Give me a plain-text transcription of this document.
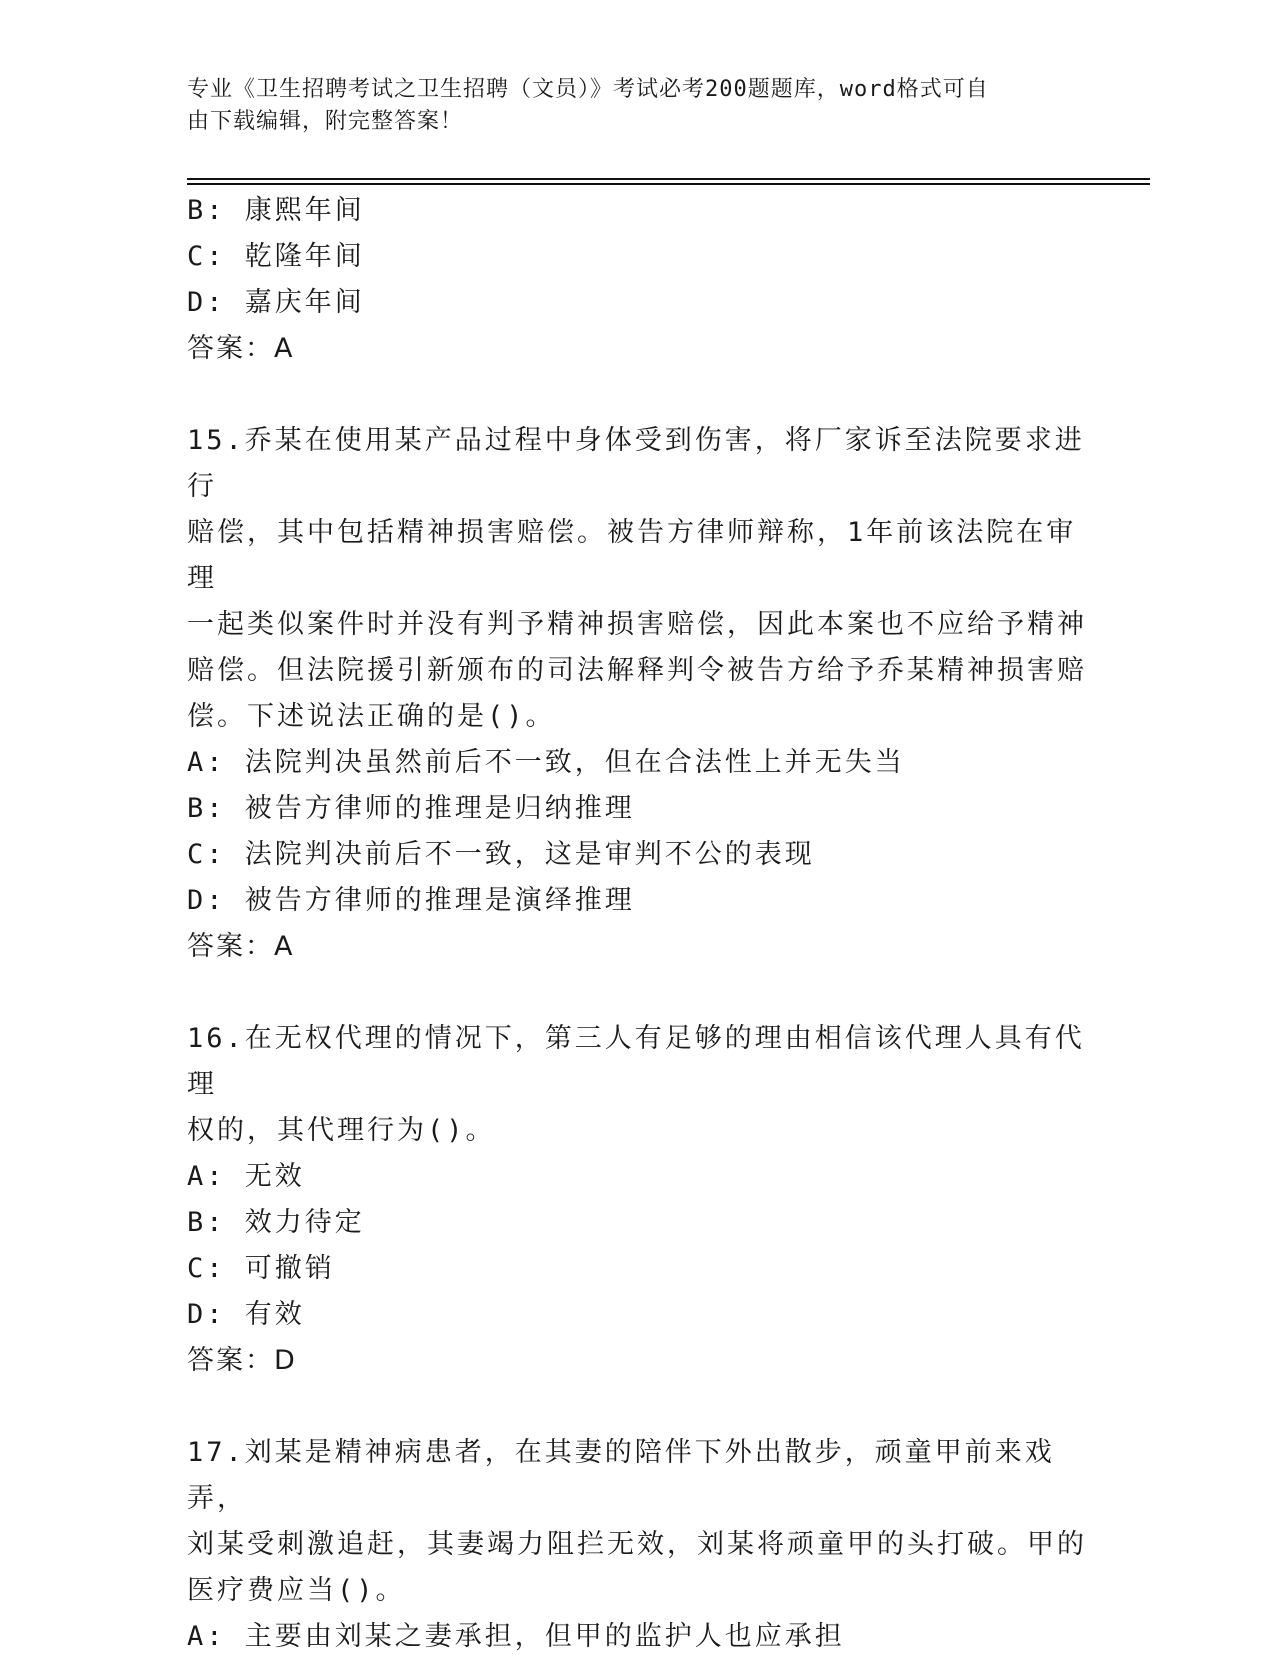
专业《卫生招聘考试之卫生招聘（文员）》考试必考200题题库，word格式可自
由下载编辑，附完整答案！
B: 康熙年间
C: 乾隆年间
D: 嘉庆年间
答案：A
15.乔某在使用某产品过程中身体受到伤害，将厂家诉至法院要求进行
赔偿，其中包括精神损害赔偿。被告方律师辩称，1年前该法院在审理
一起类似案件时并没有判予精神损害赔偿，因此本案也不应给予精神
赔偿。但法院援引新颁布的司法解释判令被告方给予乔某精神损害赔
偿。下述说法正确的是()。
A: 法院判决虽然前后不一致，但在合法性上并无失当
B: 被告方律师的推理是归纳推理
C: 法院判决前后不一致，这是审判不公的表现
D: 被告方律师的推理是演绎推理
答案：A
16.在无权代理的情况下，第三人有足够的理由相信该代理人具有代理
权的，其代理行为()。
A: 无效
B: 效力待定
C: 可撤销
D: 有效
答案：D
17.刘某是精神病患者，在其妻的陪伴下外出散步，顽童甲前来戏弄，
刘某受刺激追赶，其妻竭力阻拦无效，刘某将顽童甲的头打破。甲的
医疗费应当()。
A: 主要由刘某之妻承担，但甲的监护人也应承担
